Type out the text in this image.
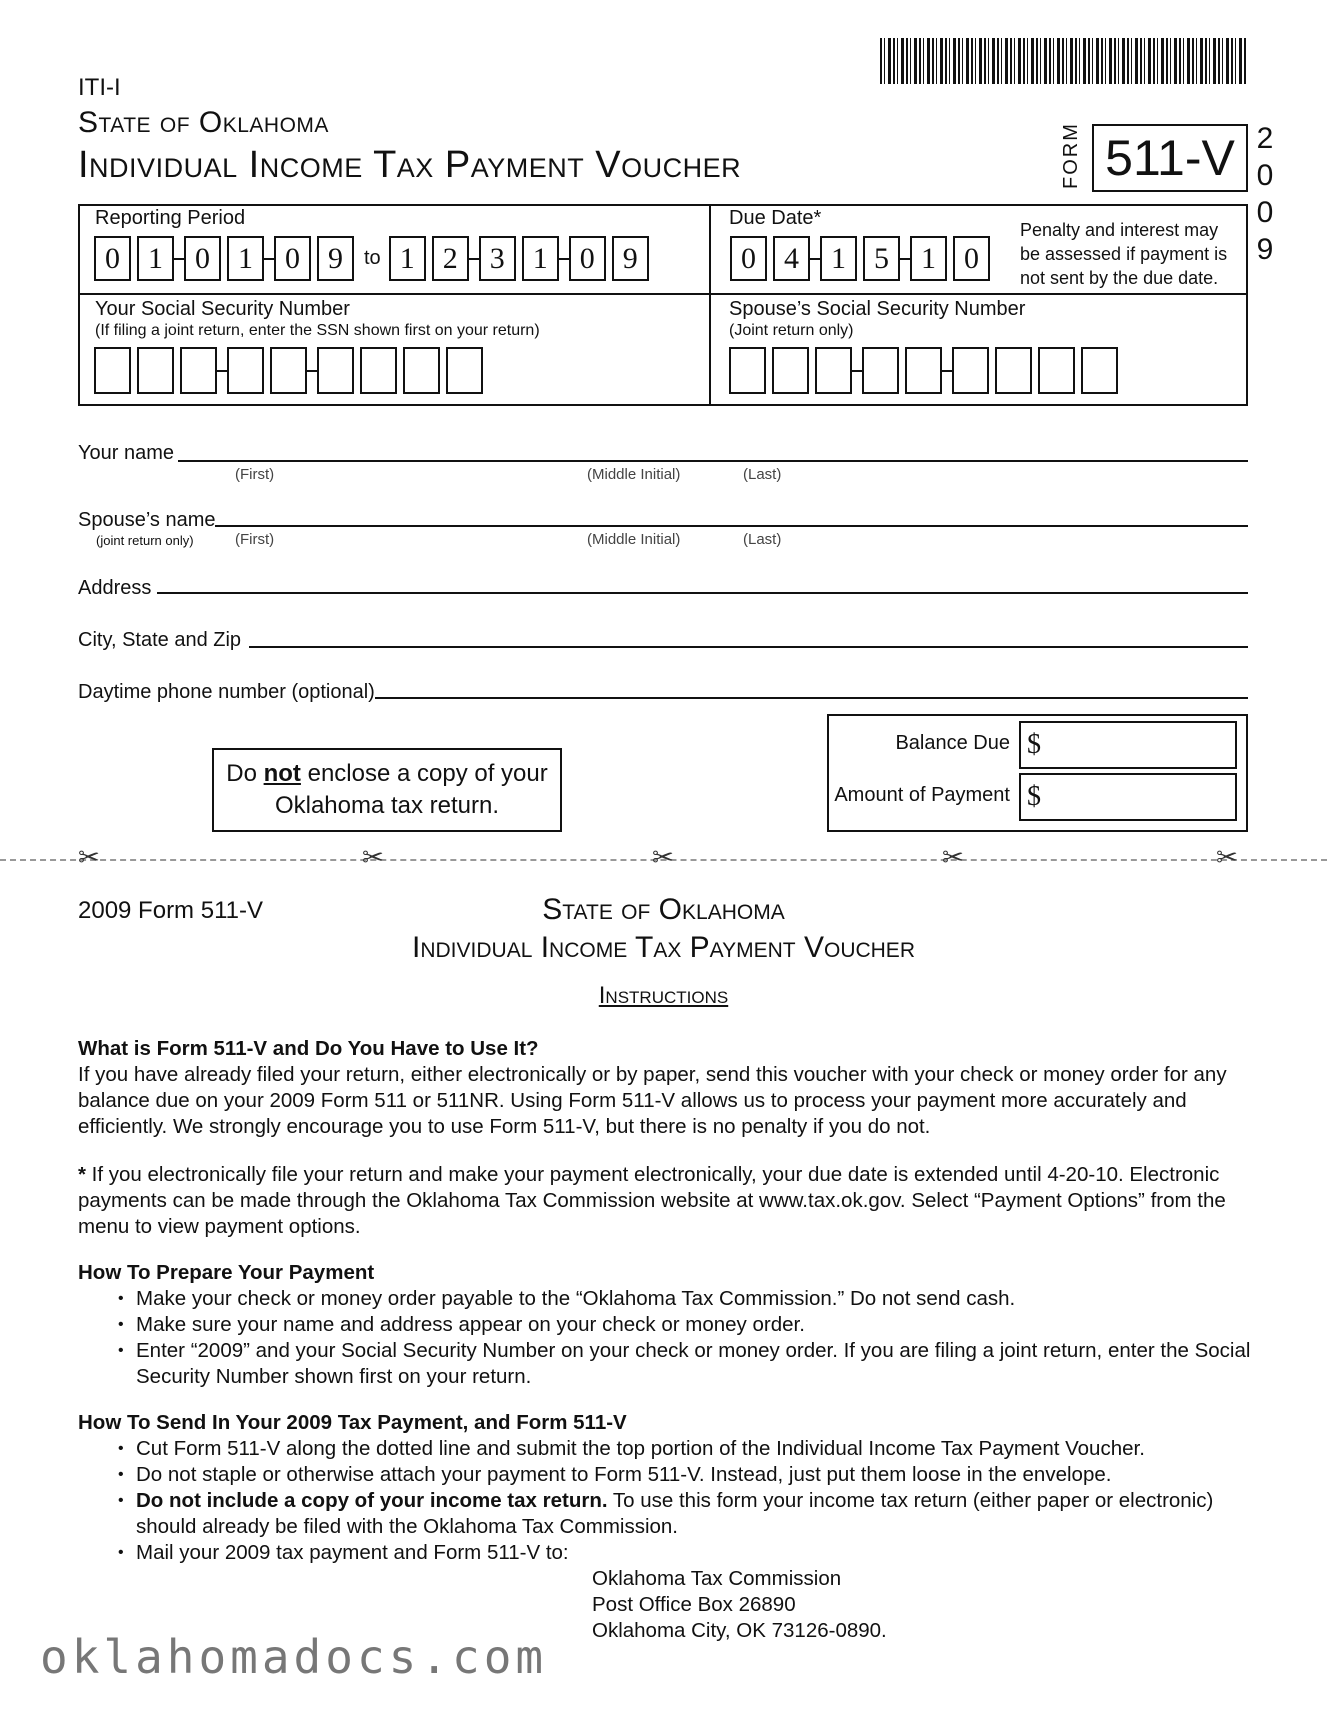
ITI-I
State of Oklahoma
Individual Income Tax Payment Voucher	FORM 511-V 2
0
0
9
Reporting Period
0 1	0 1	0 9	to 1 2	3 1	0 9
Due Date*
0 4	1 5	1 0
Penalty and interest may be assessed if payment is not sent by the due date.
Your Social Security Number
(If filing a joint return, enter the SSN shown first on your return)
Spouse’s Social Security Number
(Joint return only)
Your name
(First)	(Middle Initial)	(Last)
Spouse’s name
(joint return only)	(First)	(Middle Initial)	(Last)
Address
City, State and Zip
Daytime phone number (optional)
Do not enclose a copy of your
Oklahoma tax return.
Balance Due $
Amount of Payment $
✂	✂	✂	✂	✂
2009 Form 511-V	State of Oklahoma
Individual Income Tax Payment Voucher
Instructions
What is Form 511-V and Do You Have to Use It?

If you have already filed your return, either electronically or by paper, send this voucher with your check or money order for any balance due on your 2009 Form 511 or 511NR. Using Form 511-V allows us to process your payment more accurately and efficiently. We strongly encourage you to use Form 511-V, but there is no penalty if you do not.

* If you electronically file your return and make your payment electronically, your due date is extended until 4-20-10. Electronic payments can be made through the Oklahoma Tax Commission website at www.tax.ok.gov. Select “Payment Options” from the menu to view payment options.

How To Prepare Your Payment
• Make your check or money order payable to the “Oklahoma Tax Commission.” Do not send cash.
• Make sure your name and address appear on your check or money order.
• Enter “2009” and your Social Security Number on your check or money order. If you are filing a joint return, enter the Social Security Number shown first on your return.
How To Send In Your 2009 Tax Payment, and Form 511-V
• Cut Form 511-V along the dotted line and submit the top portion of the Individual Income Tax Payment Voucher.
• Do not staple or otherwise attach your payment to Form 511-V. Instead, just put them loose in the envelope.
• Do not include a copy of your income tax return. To use this form your income tax return (either paper or electronic) should already be filed with the Oklahoma Tax Commission.
• Mail your 2009 tax payment and Form 511-V to:
Oklahoma Tax Commission
Post Office Box 26890
Oklahoma City, OK 73126-0890.
oklahomadocs.com
